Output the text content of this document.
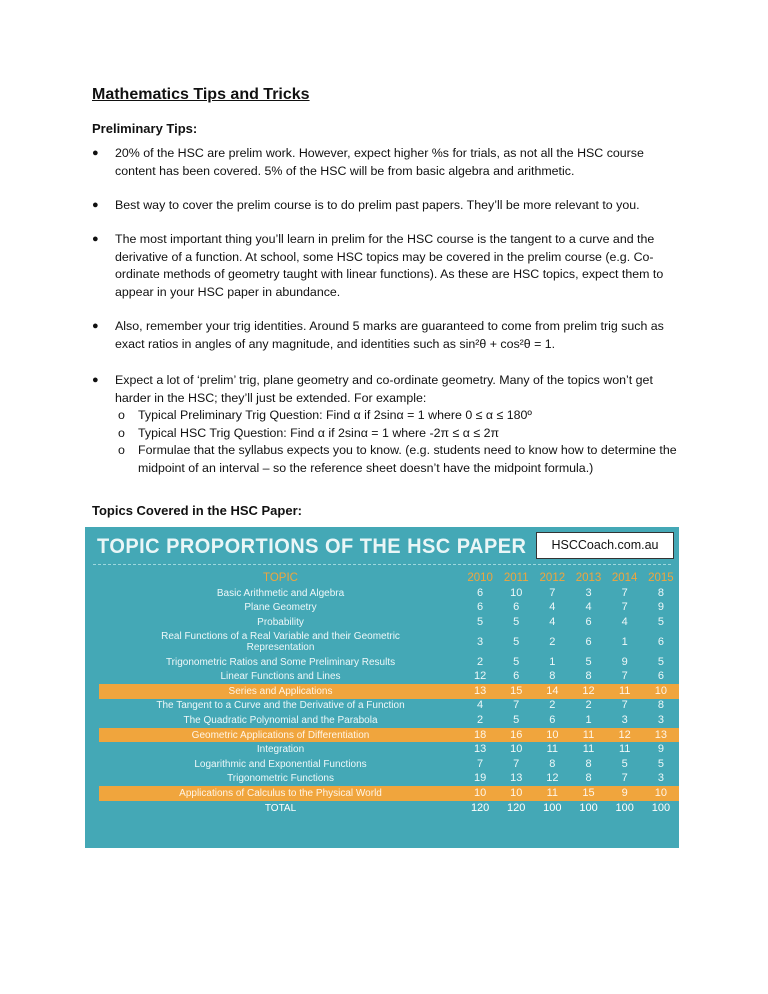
Mathematics Tips and Tricks
Preliminary Tips:
● 20% of the HSC are prelim work. However, expect higher %s for trials, as not all the HSC course content has been covered. 5% of the HSC will be from basic algebra and arithmetic.
● Best way to cover the prelim course is to do prelim past papers. They’ll be more relevant to you.
● The most important thing you’ll learn in prelim for the HSC course is the tangent to a curve and the derivative of a function. At school, some HSC topics may be covered in the prelim course (e.g. Co-ordinate methods of geometry taught with linear functions). As these are HSC topics, expect them to appear in your HSC paper in abundance.
● Also, remember your trig identities. Around 5 marks are guaranteed to come from prelim trig such as exact ratios in angles of any magnitude, and identities such as sin²θ + cos²θ = 1.
● Expect a lot of ‘prelim’ trig, plane geometry and co-ordinate geometry. Many of the topics won’t get harder in the HSC; they’ll just be extended. For example:
o Typical Preliminary Trig Question: Find α if 2sinα = 1 where 0 ≤ α ≤ 180º
o Typical HSC Trig Question: Find α if 2sinα = 1 where -2π ≤ α ≤ 2π
o Formulae that the syllabus expects you to know. (e.g. students need to know how to determine the midpoint of an interval – so the reference sheet doesn’t have the midpoint formula.)
Topics Covered in the HSC Paper:
TOPIC PROPORTIONS OF THE HSC PAPER	HSCCoach.com.au
TOPIC	2010	2011	2012	2013	2014	2015
Basic Arithmetic and Algebra	6	10	7	3	7	8
Plane Geometry	6	6	4	4	7	9
Probability	5	5	4	6	4	5
Real Functions of a Real Variable and their Geometric Representation	3	5	2	6	1	6
Trigonometric Ratios and Some Preliminary Results	2	5	1	5	9	5
Linear Functions and Lines	12	6	8	8	7	6
Series and Applications	13	15	14	12	11	10
The Tangent to a Curve and the Derivative of a Function	4	7	2	2	7	8
The Quadratic Polynomial and the Parabola	2	5	6	1	3	3
Geometric Applications of Differentiation	18	16	10	11	12	13
Integration	13	10	11	11	11	9
Logarithmic and Exponential Functions	7	7	8	8	5	5
Trigonometric Functions	19	13	12	8	7	3
Applications of Calculus to the Physical World	10	10	11	15	9	10
TOTAL	120	120	100	100	100	100
